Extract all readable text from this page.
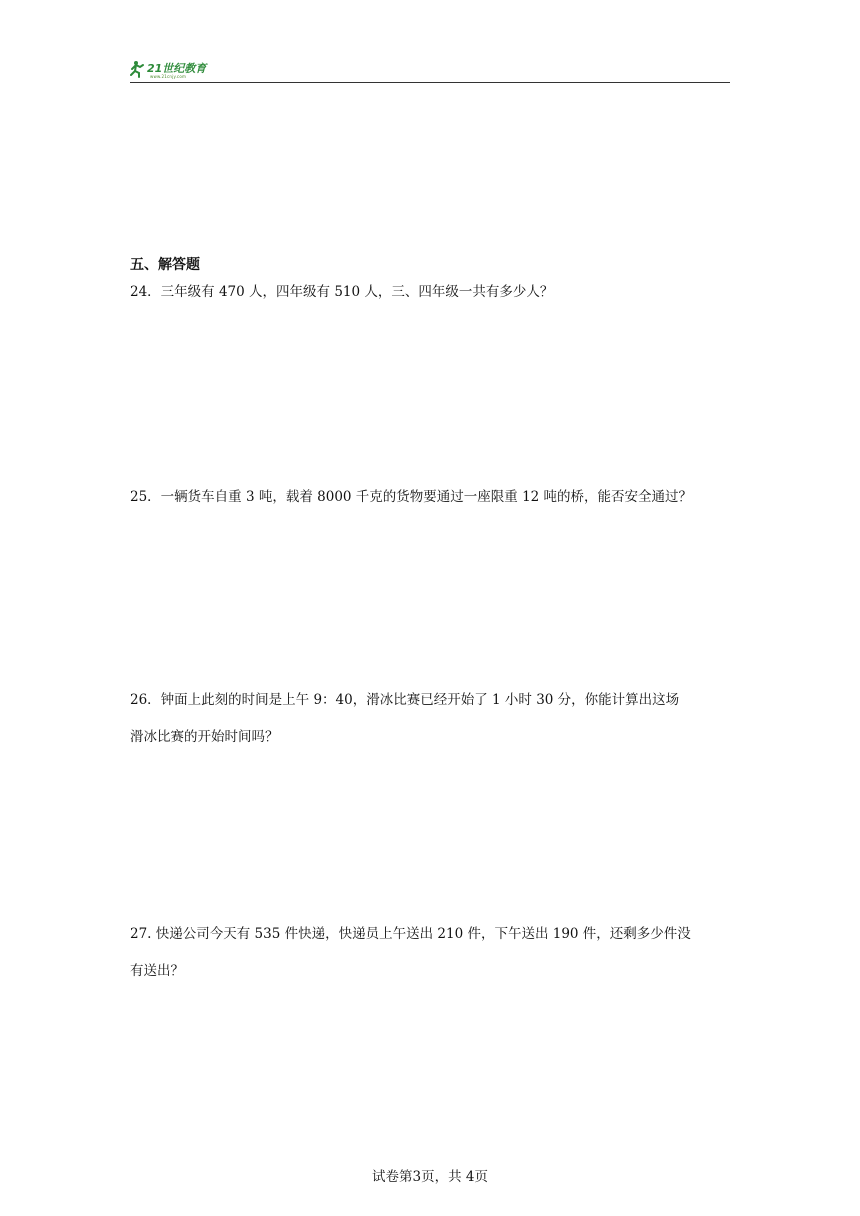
21世纪教育
www.21cnjy.com
五、解答题
24．三年级有 470 人，四年级有 510 人，三、四年级一共有多少人？
25．一辆货车自重 3 吨，载着 8000 千克的货物要通过一座限重 12 吨的桥，能否安全通过？
26．钟面上此刻的时间是上午 9：40，滑冰比赛已经开始了 1 小时 30 分，你能计算出这场
滑冰比赛的开始时间吗？
27. 快递公司今天有 535 件快递，快递员上午送出 210 件，下午送出 190 件，还剩多少件没
有送出？
试卷第3页，共 4页
